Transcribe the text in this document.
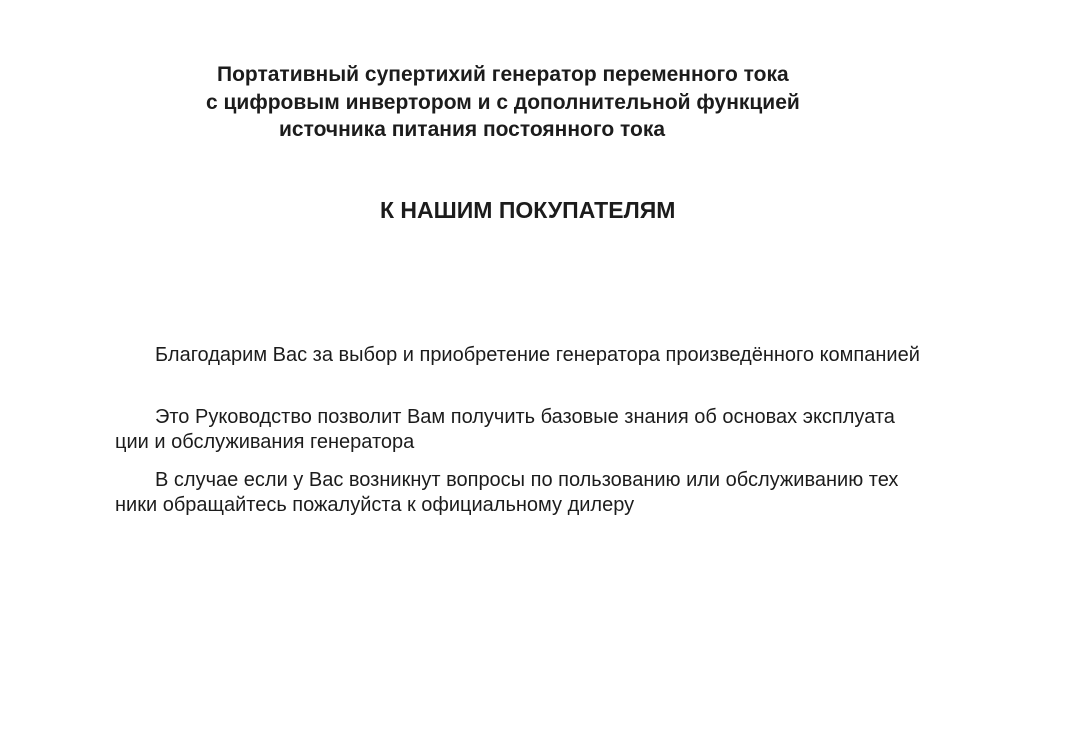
Портативный супертихий генератор переменного тока
с цифровым инвертором и с дополнительной функцией
источника питания постоянного тока
К НАШИМ ПОКУПАТЕЛЯМ
Благодарим Вас за выбор и приобретение генератора произведённого компанией
Это Руководство позволит Вам получить базовые знания об основах эксплуата
ции и обслуживания генератора
В случае если у Вас возникнут вопросы по пользованию или обслуживанию тех
ники обращайтесь пожалуйста к официальному дилеру
